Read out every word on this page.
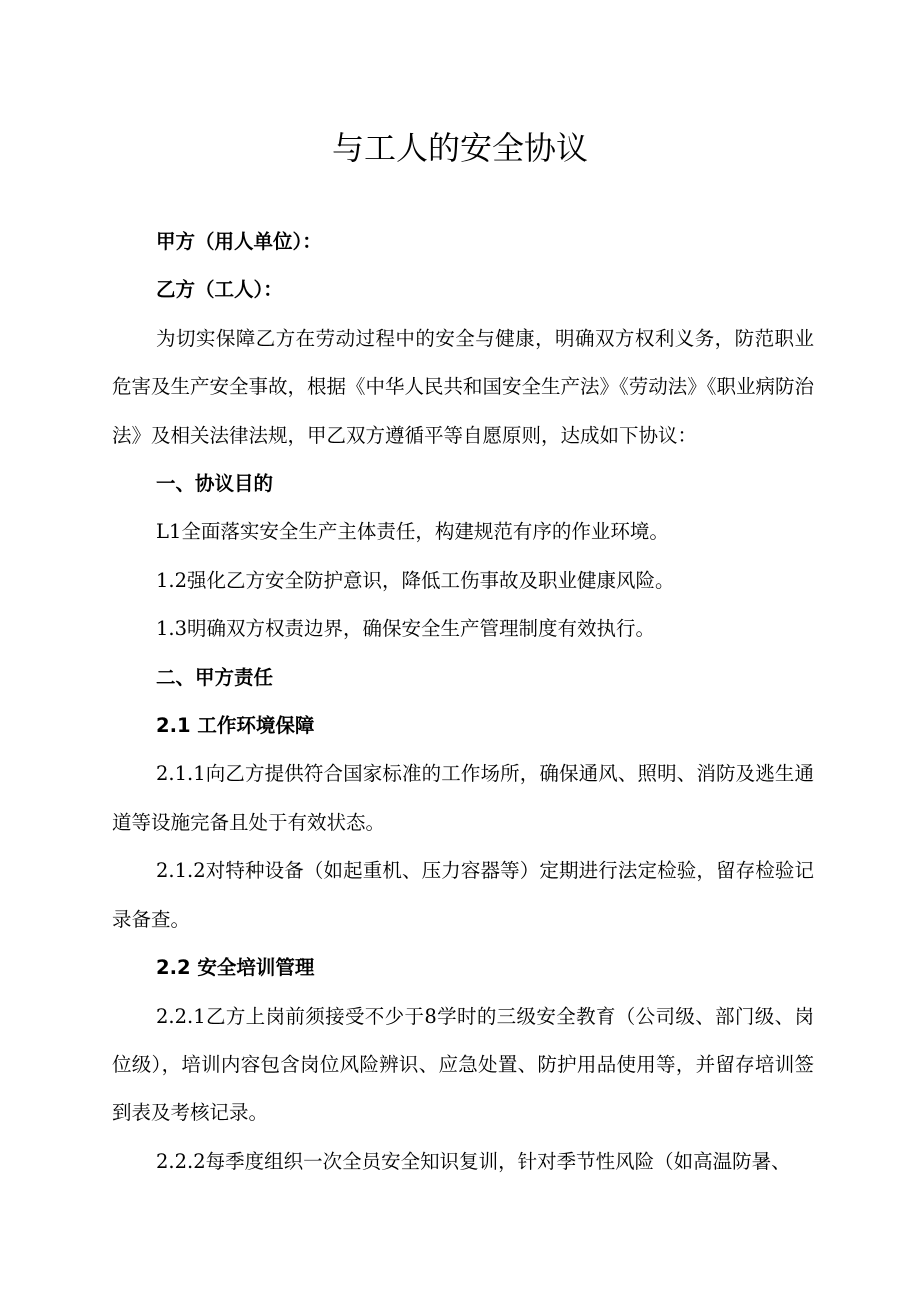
与工人的安全协议

甲方（用人单位）：

乙方（工人）：

为切实保障乙方在劳动过程中的安全与健康，明确双方权利义务，防范职业危害及生产安全事故，根据《中华人民共和国安全生产法》《劳动法》《职业病防治法》及相关法律法规，甲乙双方遵循平等自愿原则，达成如下协议：

一、协议目的

L1全面落实安全生产主体责任，构建规范有序的作业环境。

1.2强化乙方安全防护意识，降低工伤事故及职业健康风险。

1.3明确双方权责边界，确保安全生产管理制度有效执行。

二、甲方责任

2.1 工作环境保障

2.1.1向乙方提供符合国家标准的工作场所，确保通风、照明、消防及逃生通道等设施完备且处于有效状态。

2.1.2对特种设备（如起重机、压力容器等）定期进行法定检验，留存检验记录备查。

2.2 安全培训管理

2.2.1乙方上岗前须接受不少于8学时的三级安全教育（公司级、部门级、岗位级），培训内容包含岗位风险辨识、应急处置、防护用品使用等，并留存培训签到表及考核记录。

2.2.2每季度组织一次全员安全知识复训，针对季节性风险（如高温防暑、
